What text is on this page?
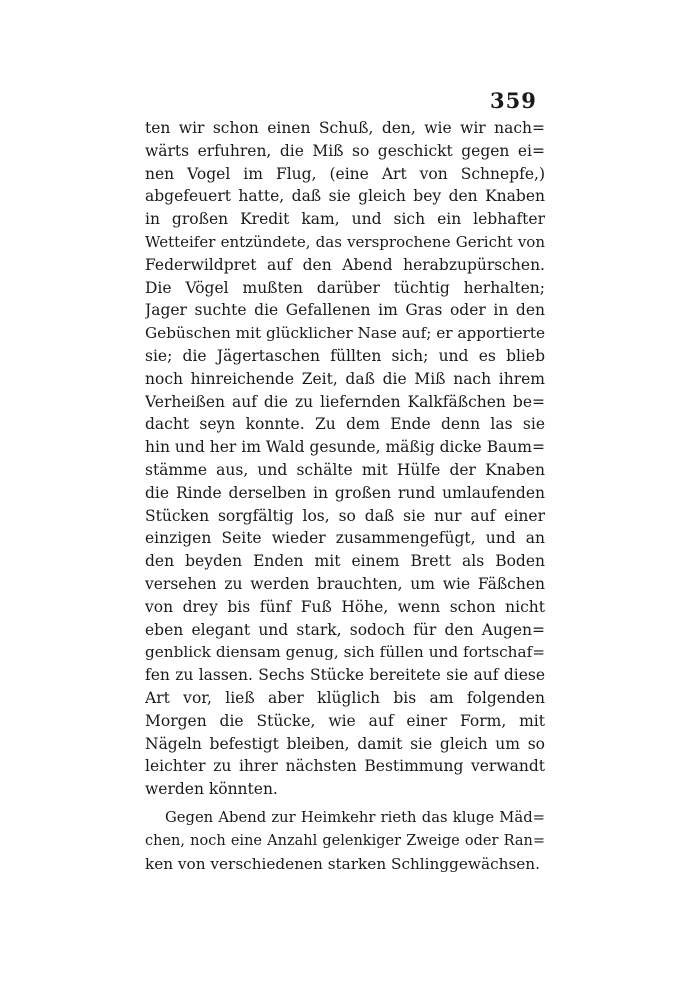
359
ten wir schon einen Schuß, den, wie wir nach=
wärts erfuhren, die Miß so geschickt gegen ei=
nen Vogel im Flug, (eine Art von Schnepfe,)
abgefeuert hatte, daß sie gleich bey den Knaben
in großen Kredit kam, und sich ein lebhafter
Wetteifer entzündete, das versprochene Gericht von
Federwildpret auf den Abend herabzupürschen.
Die Vögel mußten darüber tüchtig herhalten;
Jager suchte die Gefallenen im Gras oder in den
Gebüschen mit glücklicher Nase auf; er apportierte
sie; die Jägertaschen füllten sich; und es blieb
noch hinreichende Zeit, daß die Miß nach ihrem
Verheißen auf die zu liefernden Kalkfäßchen be=
dacht seyn konnte. Zu dem Ende denn las sie
hin und her im Wald gesunde, mäßig dicke Baum=
stämme aus, und schälte mit Hülfe der Knaben
die Rinde derselben in großen rund umlaufenden
Stücken sorgfältig los, so daß sie nur auf einer
einzigen Seite wieder zusammengefügt, und an
den beyden Enden mit einem Brett als Boden
versehen zu werden brauchten, um wie Fäßchen
von drey bis fünf Fuß Höhe, wenn schon nicht
eben elegant und stark, sodoch für den Augen=
genblick diensam genug, sich füllen und fortschaf=
fen zu lassen. Sechs Stücke bereitete sie auf diese
Art vor, ließ aber klüglich bis am folgenden
Morgen die Stücke, wie auf einer Form, mit
Nägeln befestigt bleiben, damit sie gleich um so
leichter zu ihrer nächsten Bestimmung verwandt
werden könnten.
Gegen Abend zur Heimkehr rieth das kluge Mäd=
chen, noch eine Anzahl gelenkiger Zweige oder Ran=
ken von verschiedenen starken Schlinggewächsen.
